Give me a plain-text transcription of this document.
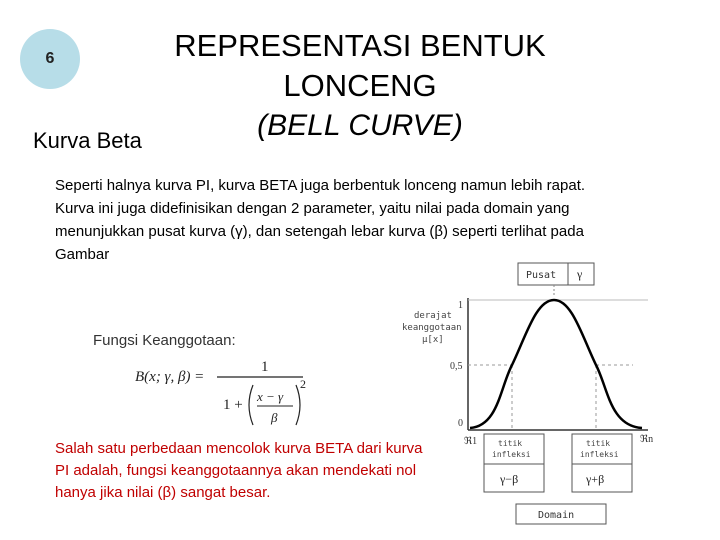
6	REPRESENTASI BENTUK LONCENG
(BELL CURVE)
Kurva Beta
Seperti halnya kurva PI, kurva BETA juga berbentuk lonceng namun lebih rapat. Kurva ini juga didefinisikan dengan 2 parameter, yaitu nilai pada domain yang menunjukkan pusat kurva (γ), dan setengah lebar kurva (β) seperti terlihat pada Gambar
Fungsi Keanggotaan:
B(x; γ, β) =
1
1 +
x − γ
β
2
Pusat γ
derajat
keanggotaan
μ[x]
1
0,5
0
ℜ1	ℜn
titik
infleksi
γ−β
titik
infleksi
γ+β
Domain
Salah satu perbedaan mencolok kurva BETA dari kurva PI adalah, fungsi keanggotaannya akan mendekati nol hanya jika nilai (β) sangat besar.
